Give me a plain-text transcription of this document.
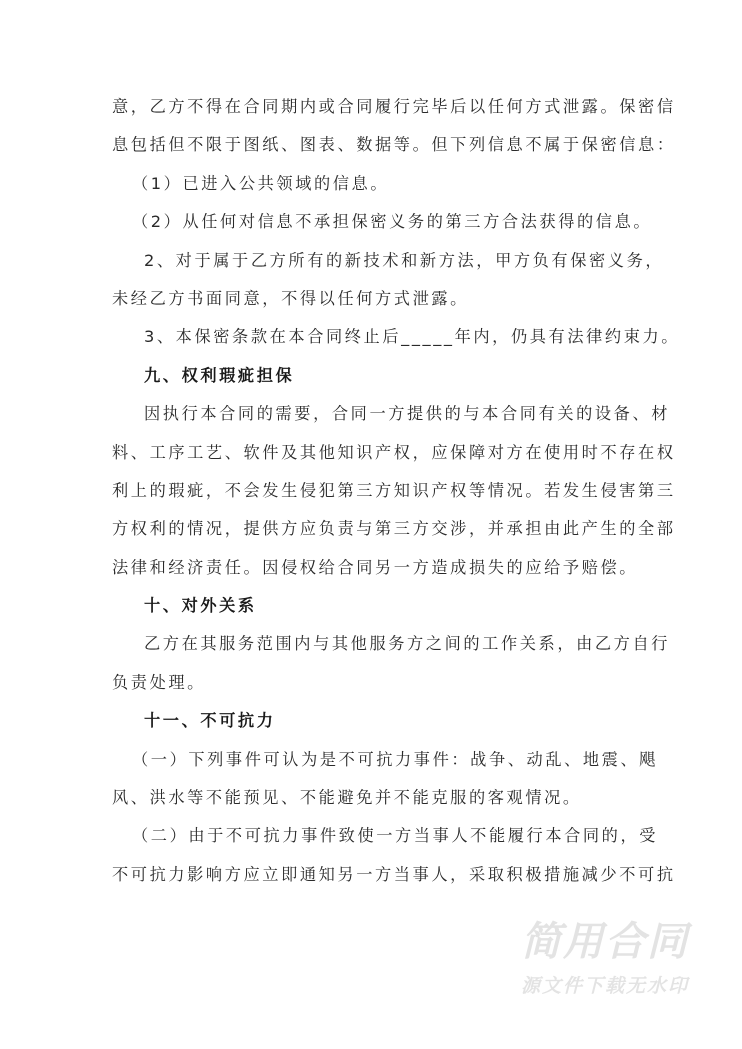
意，乙方不得在合同期内或合同履行完毕后以任何方式泄露。保密信
息包括但不限于图纸、图表、数据等。但下列信息不属于保密信息：
（1）已进入公共领域的信息。
（2）从任何对信息不承担保密义务的第三方合法获得的信息。
2、对于属于乙方所有的新技术和新方法，甲方负有保密义务，
未经乙方书面同意，不得以任何方式泄露。
3、本保密条款在本合同终止后_____年内，仍具有法律约束力。
九、权利瑕疵担保
因执行本合同的需要，合同一方提供的与本合同有关的设备、材
料、工序工艺、软件及其他知识产权，应保障对方在使用时不存在权
利上的瑕疵，不会发生侵犯第三方知识产权等情况。若发生侵害第三
方权利的情况，提供方应负责与第三方交涉，并承担由此产生的全部
法律和经济责任。因侵权给合同另一方造成损失的应给予赔偿。
十、对外关系
乙方在其服务范围内与其他服务方之间的工作关系，由乙方自行
负责处理。
十一、不可抗力
（一）下列事件可认为是不可抗力事件：战争、动乱、地震、飓
风、洪水等不能预见、不能避免并不能克服的客观情况。
（二）由于不可抗力事件致使一方当事人不能履行本合同的，受
不可抗力影响方应立即通知另一方当事人，采取积极措施减少不可抗
简用合同
源文件下载无水印
